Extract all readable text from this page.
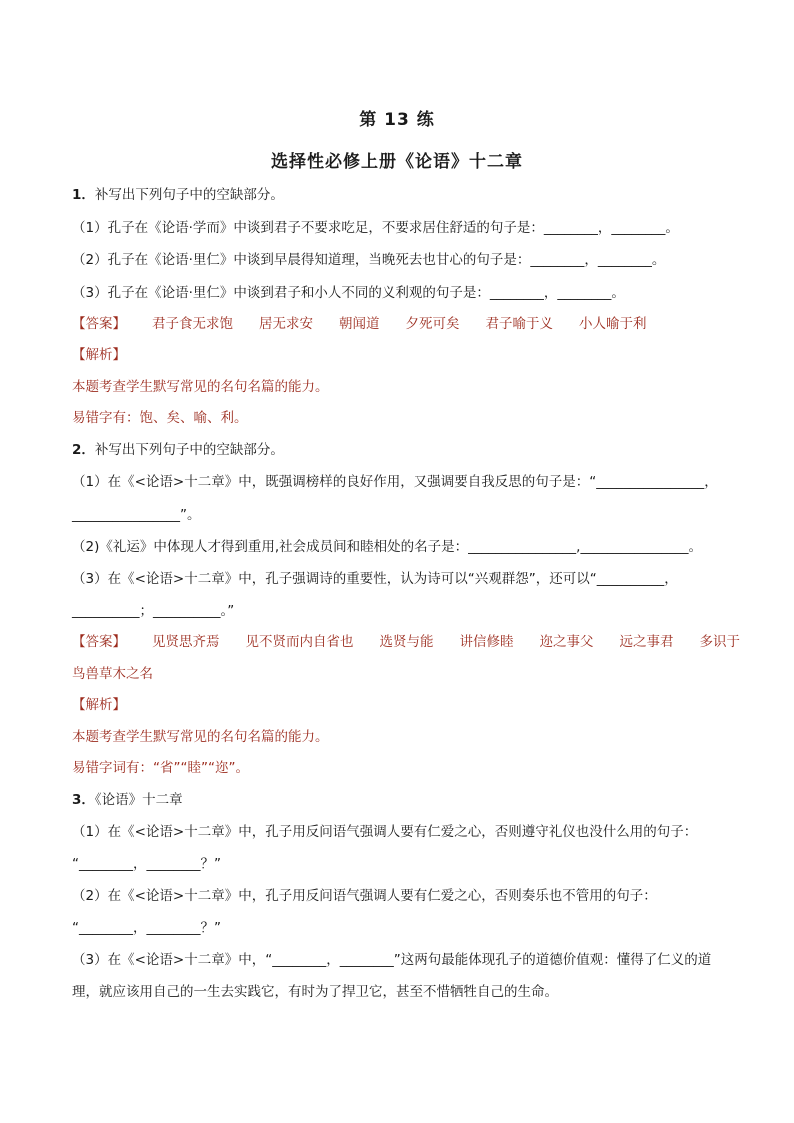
第 13 练
选择性必修上册《论语》十二章
1．补写出下列句子中的空缺部分。
（1）孔子在《论语·学而》中谈到君子不要求吃足，不要求居住舒适的句子是：________，________。
（2）孔子在《论语·里仁》中谈到早晨得知道理，当晚死去也甘心的句子是：________，________。
（3）孔子在《论语·里仁》中谈到君子和小人不同的义利观的句子是：________，________。
【答案】 君子食无求饱 居无求安 朝闻道 夕死可矣 君子喻于义 小人喻于利
【解析】
本题考查学生默写常见的名句名篇的能力。
易错字有：饱、矣、喻、利。
2．补写出下列句子中的空缺部分。
（1）在《<论语>十二章》中，既强调榜样的良好作用，又强调要自我反思的句子是：“________________，
________________”。
（2)《礼运》中体现人才得到重用,社会成员间和睦相处的名子是：________________,________________。
（3）在《<论语>十二章》中，孔子强调诗的重要性，认为诗可以“兴观群怨”，还可以“__________，
__________；__________。”
【答案】 见贤思齐焉 见不贤而内自省也 选贤与能 讲信修睦 迩之事父 远之事君 多识于
鸟兽草木之名
【解析】
本题考查学生默写常见的名句名篇的能力。
易错字词有：“省”“睦”“迩”。
3．《论语》十二章
（1）在《<论语>十二章》中，孔子用反问语气强调人要有仁爱之心，否则遵守礼仪也没什么用的句子：
“________，________？”
（2）在《<论语>十二章》中，孔子用反问语气强调人要有仁爱之心，否则奏乐也不管用的句子：
“________，________？”
（3）在《<论语>十二章》中，“________，________”这两句最能体现孔子的道德价值观：懂得了仁义的道
理，就应该用自己的一生去实践它，有时为了捍卫它，甚至不惜牺牲自己的生命。
